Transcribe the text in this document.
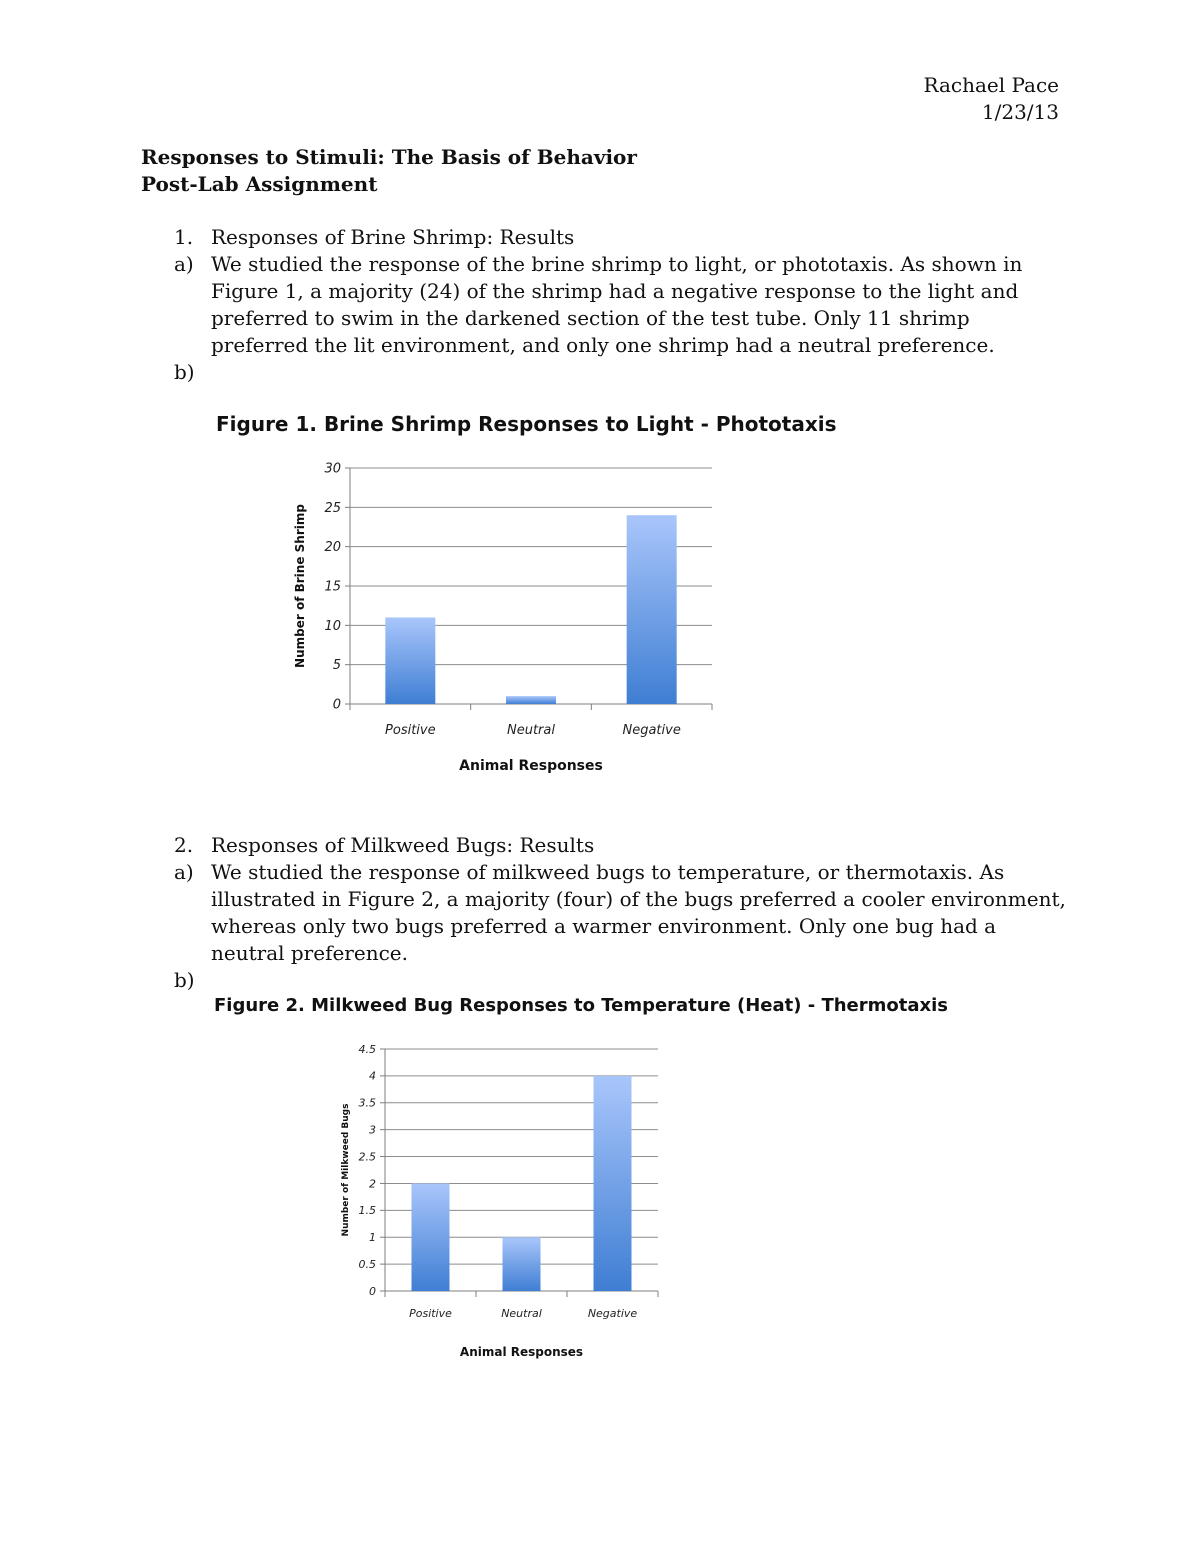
Rachael Pace
1/23/13
Responses to Stimuli: The Basis of Behavior
Post-Lab Assignment
1. Responses of Brine Shrimp: Results
a) We studied the response of the brine shrimp to light, or phototaxis. As shown in Figure 1, a majority (24) of the shrimp had a negative response to the light and preferred to swim in the darkened section of the test tube. Only 11 shrimp preferred the lit environment, and only one shrimp had a neutral preference.
b)
Figure 1. Brine Shrimp Responses to Light - Phototaxis
0
5
10
15
20
25
30
Positive	Neutral	Negative
Animal Responses
Number of Brine Shrimp
2. Responses of Milkweed Bugs: Results
a) We studied the response of milkweed bugs to temperature, or thermotaxis. As illustrated in Figure 2, a majority (four) of the bugs preferred a cooler environment, whereas only two bugs preferred a warmer environment. Only one bug had a neutral preference.
b)
Figure 2. Milkweed Bug Responses to Temperature (Heat) - Thermotaxis
0
0.5
1
1.5
2
2.5
3
3.5
4
4.5
Positive	Neutral	Negative
Animal Responses
Number of Milkweed Bugs
